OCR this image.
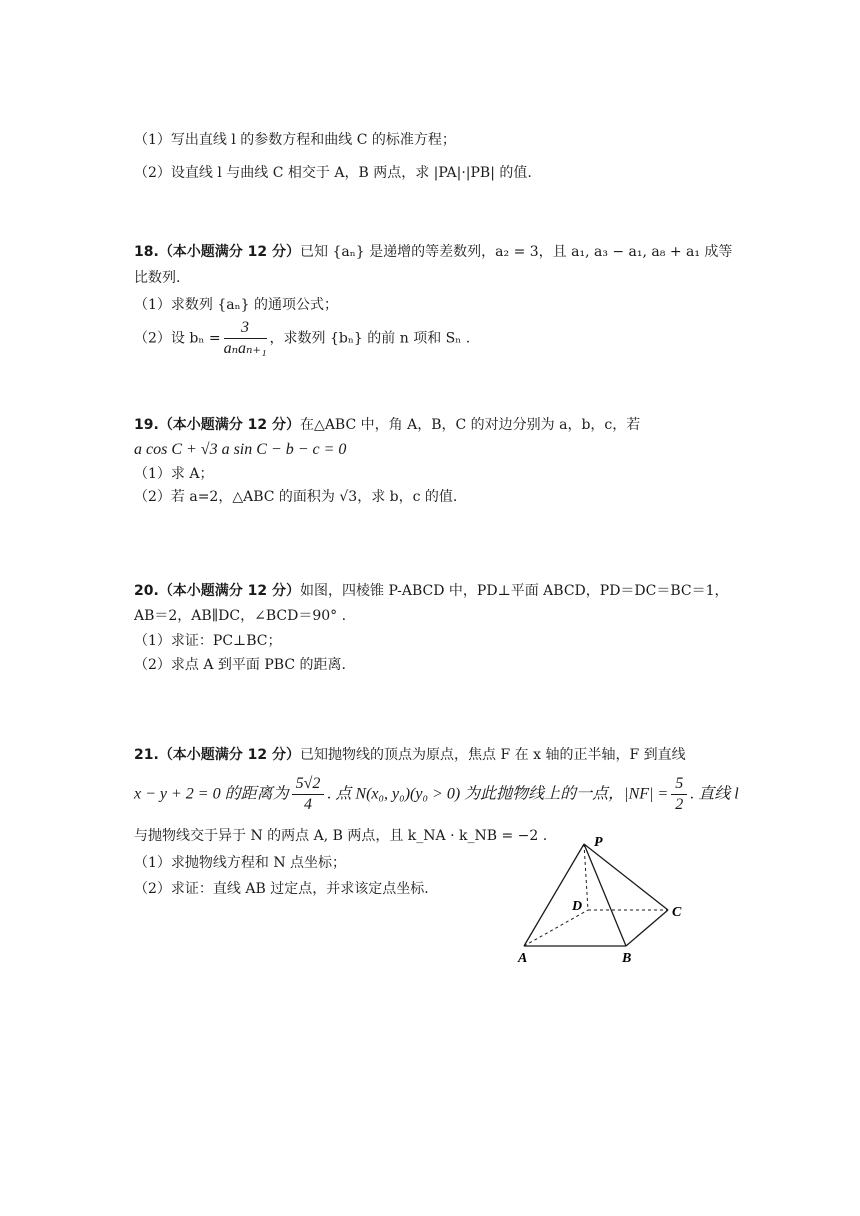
（1）写出直线 l 的参数方程和曲线 C 的标准方程；
（2）设直线 l 与曲线 C 相交于 A，B 两点，求 |PA|·|PB| 的值.
18.（本小题满分 12 分）已知 {aₙ} 是递增的等差数列，a₂ = 3，且 a₁, a₃ − a₁, a₈ + a₁ 成等
比数列.
（1）求数列 {aₙ} 的通项公式；
（2）设 $b_n = \frac{3}{\text{aₙaₙ₊₁}}$ ，求数列 {bₙ} 的前 n 项和 Sₙ .
19.（本小题满分 12 分）在△ABC 中，角 A，B，C 的对边分别为 a，b，c，若
a cos C + √3 a sin C − b − c = 0
（1）求 A；
（2）若 a=2，△ABC 的面积为 √3，求 b，c 的值.
20.（本小题满分 12 分）如图，四棱锥 P-ABCD 中，PD⊥平面 ABCD，PD＝DC＝BC＝1，
AB＝2，AB∥DC，∠BCD＝90° .
（1）求证：PC⊥BC；
（2）求点 A 到平面 PBC 的距离.
21.（本小题满分 12 分）已知抛物线的顶点为原点，焦点 F 在 x 轴的正半轴，F 到直线
x − y + 2 = 0 的距离为 $\frac{5√2}{4}$ . 点 N(x₀, y₀)(y₀ > 0) 为此抛物线上的一点，$|NF| = \frac{5}{2}$ . 直线 l
与抛物线交于异于 N 的两点 A, B 两点，且 k_NA · k_NB = −2 .
（1）求抛物线方程和 N 点坐标；
（2）求证：直线 AB 过定点，并求该定点坐标.
P
D	C
A	B
